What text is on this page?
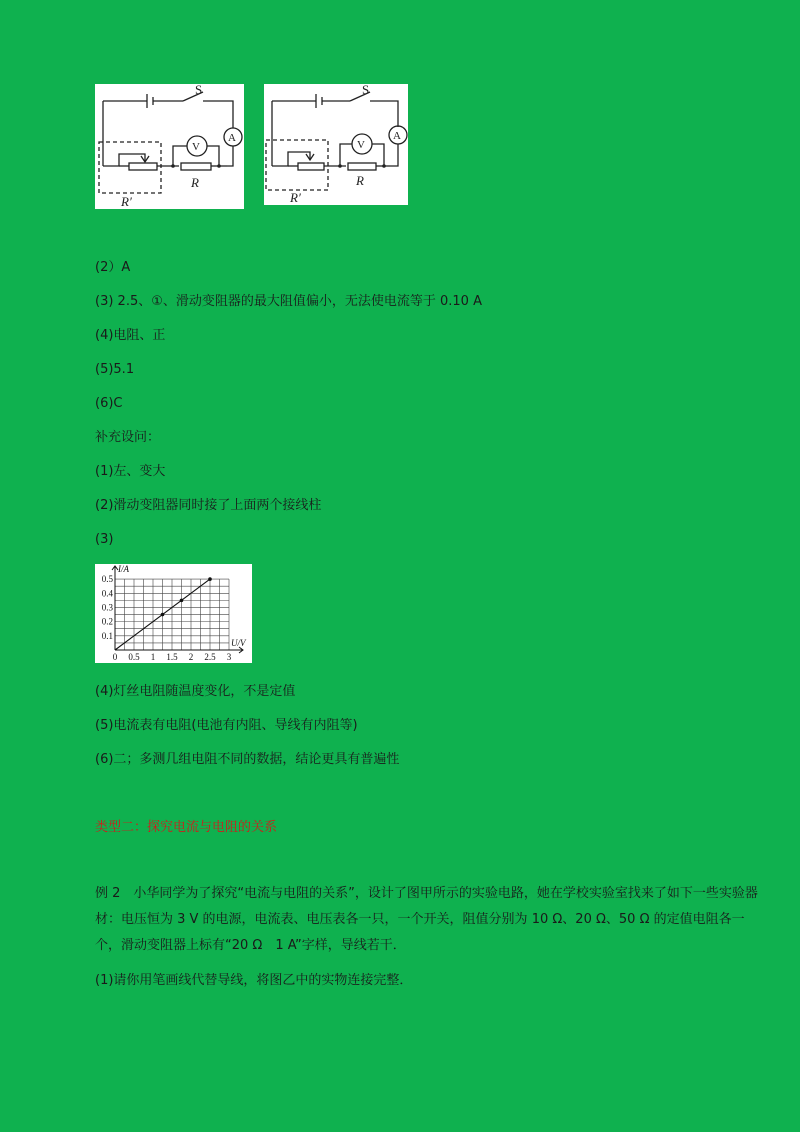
S
V
A
R
R′
S
V
A
R
R′
(2）A
(3) 2.5、①、滑动变阻器的最大阻值偏小，无法使电流等于 0.10 A
(4)电阻、正
(5)5.1
(6)C
补充设问：
(1)左、变大
(2)滑动变阻器同时接了上面两个接线柱
(3)
0 0.5 1 1.5 2 2.5 3
0.1
0.2
0.3
0.4
0.5
U/V
I/A
(4)灯丝电阻随温度变化，不是定值
(5)电流表有电阻(电池有内阻、导线有内阻等)
(6)二；多测几组电阻不同的数据，结论更具有普遍性
类型二：探究电流与电阻的关系
例 2　小华同学为了探究“电流与电阻的关系”，设计了图甲所示的实验电路，她在学校实验室找来了如下一些实验器材：电压恒为 3 V 的电源，电流表、电压表各一只，一个开关，阻值分别为 10 Ω、20 Ω、50 Ω 的定值电阻各一个，滑动变阻器上标有“20 Ω　1 A”字样，导线若干．
(1)请你用笔画线代替导线，将图乙中的实物连接完整．
